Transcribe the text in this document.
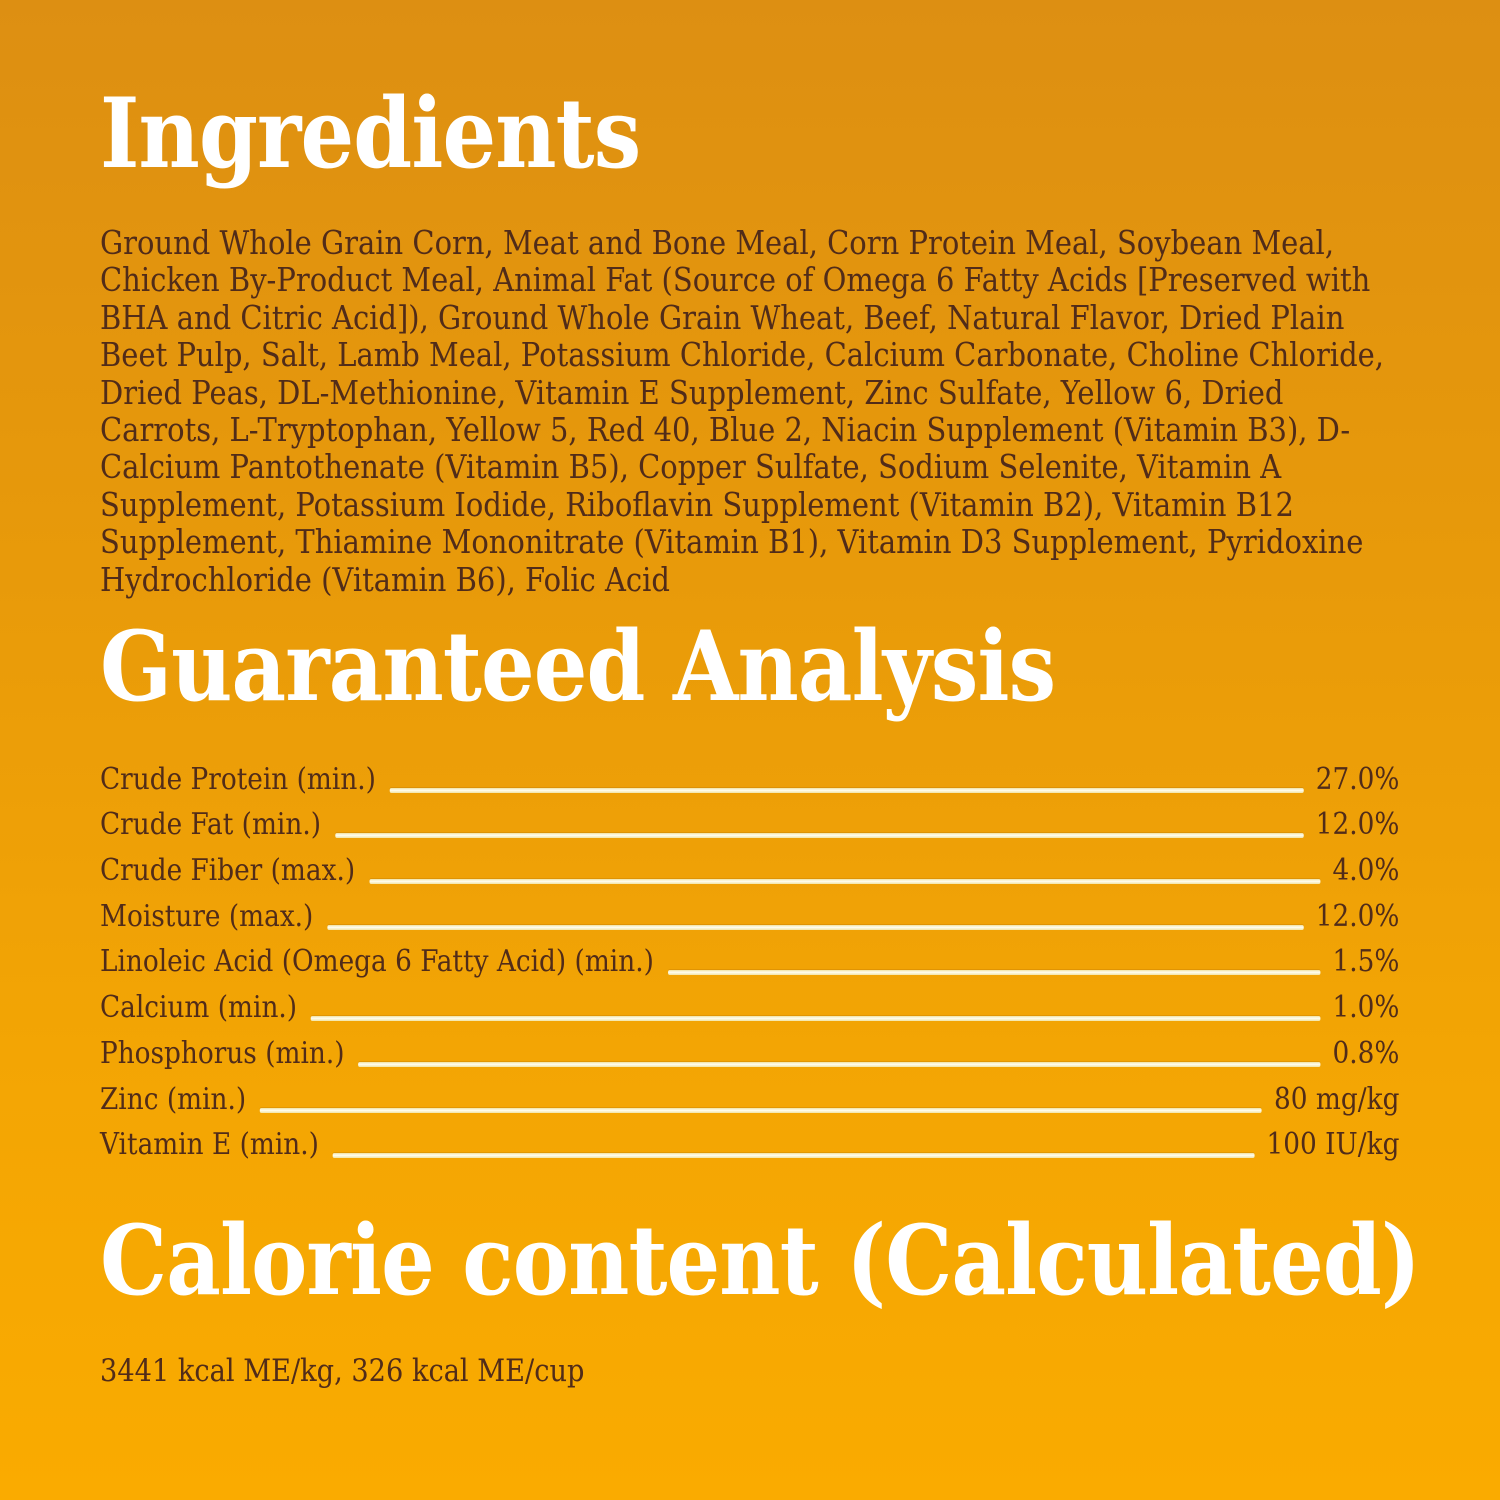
Ingredients

Ground Whole Grain Corn, Meat and Bone Meal, Corn Protein Meal, Soybean Meal, Chicken By-Product Meal, Animal Fat (Source of Omega 6 Fatty Acids [Preserved with BHA and Citric Acid]), Ground Whole Grain Wheat, Beef, Natural Flavor, Dried Plain Beet Pulp, Salt, Lamb Meal, Potassium Chloride, Calcium Carbonate, Choline Chloride, Dried Peas, DL-Methionine, Vitamin E Supplement, Zinc Sulfate, Yellow 6, Dried Carrots, L-Tryptophan, Yellow 5, Red 40, Blue 2, Niacin Supplement (Vitamin B3), D-Calcium Pantothenate (Vitamin B5), Copper Sulfate, Sodium Selenite, Vitamin A Supplement, Potassium Iodide, Riboflavin Supplement (Vitamin B2), Vitamin B12 Supplement, Thiamine Mononitrate (Vitamin B1), Vitamin D3 Supplement, Pyridoxine Hydrochloride (Vitamin B6), Folic Acid

Guaranteed Analysis
Crude Protein (min.)	27.0%
Crude Fat (min.)	12.0%
Crude Fiber (max.)	4.0%
Moisture (max.)	12.0%
Linoleic Acid (Omega 6 Fatty Acid) (min.)	1.5%
Calcium (min.)	1.0%
Phosphorus (min.)	0.8%
Zinc (min.)	80 mg/kg
Vitamin E (min.)	100 IU/kg
Calorie content (Calculated)

3441 kcal ME/kg, 326 kcal ME/cup
